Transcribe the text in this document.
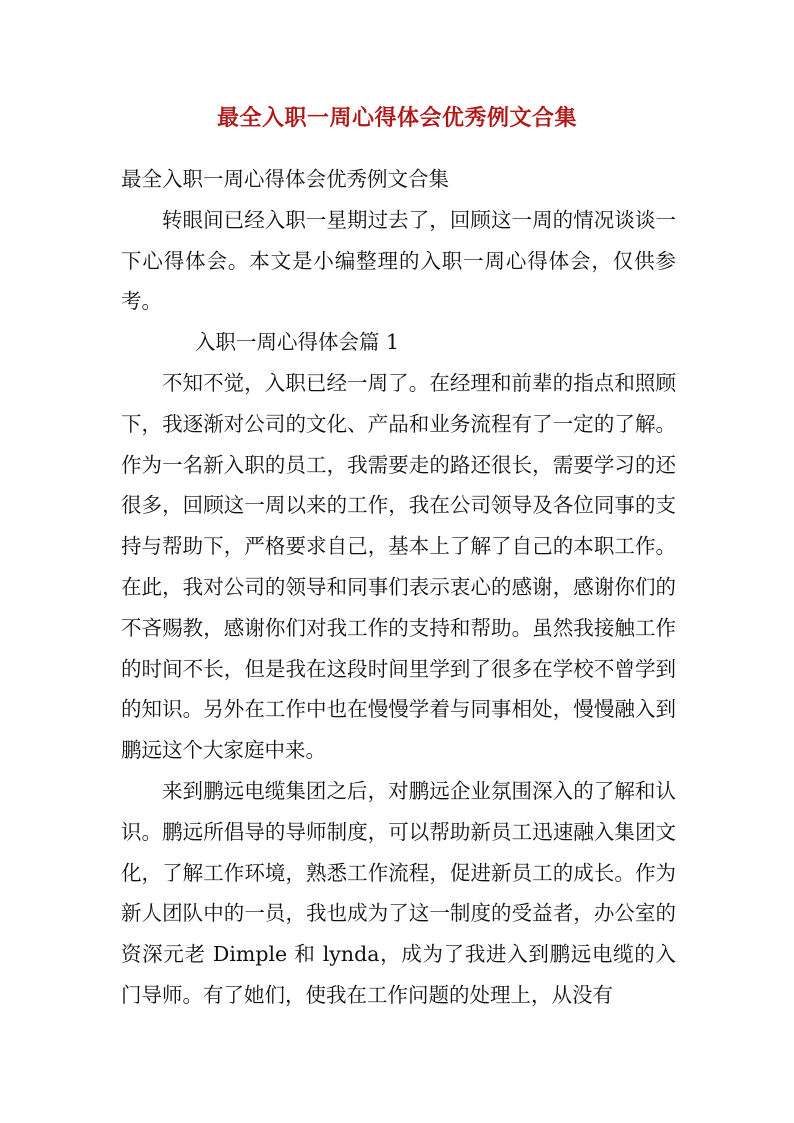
最全入职一周心得体会优秀例文合集

最全入职一周心得体会优秀例文合集

转眼间已经入职一星期过去了，回顾这一周的情况谈谈一下心得体会。本文是小编整理的入职一周心得体会，仅供参考。

入职一周心得体会篇 1

不知不觉，入职已经一周了。在经理和前辈的指点和照顾下，我逐渐对公司的文化、产品和业务流程有了一定的了解。作为一名新入职的员工，我需要走的路还很长，需要学习的还很多，回顾这一周以来的工作，我在公司领导及各位同事的支持与帮助下，严格要求自己，基本上了解了自己的本职工作。在此，我对公司的领导和同事们表示衷心的感谢，感谢你们的不吝赐教，感谢你们对我工作的支持和帮助。虽然我接触工作的时间不长，但是我在这段时间里学到了很多在学校不曾学到的知识。另外在工作中也在慢慢学着与同事相处，慢慢融入到鹏远这个大家庭中来。

来到鹏远电缆集团之后，对鹏远企业氛围深入的了解和认识。鹏远所倡导的导师制度，可以帮助新员工迅速融入集团文化，了解工作环境，熟悉工作流程，促进新员工的成长。作为新人团队中的一员，我也成为了这一制度的受益者，办公室的资深元老 Dimple 和 lynda，成为了我进入到鹏远电缆的入门导师。有了她们，使我在工作问题的处理上，从没有
